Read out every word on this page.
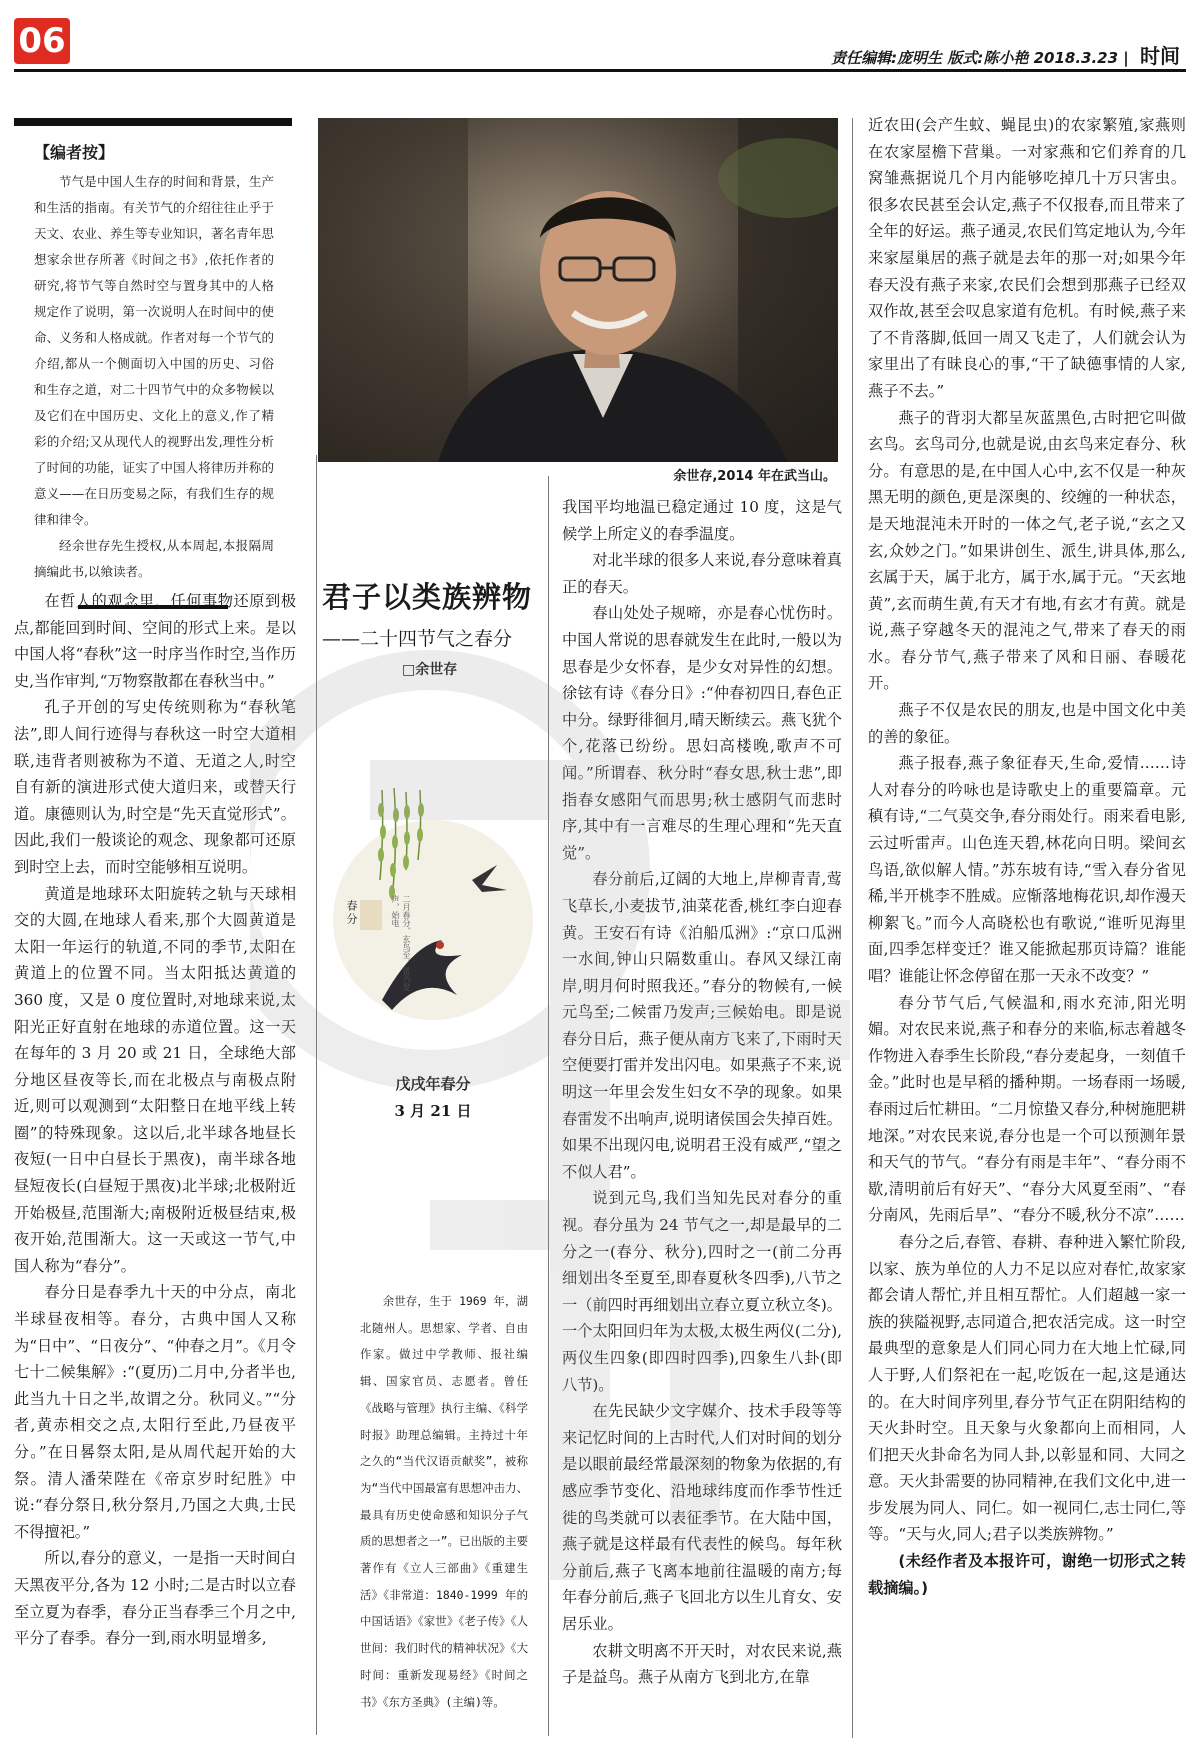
06	责任编辑:庞明生 版式:陈小艳 2018.3.23 | 时间
【编者按】

节气是中国人生存的时间和背景，生产和生活的指南。有关节气的介绍往往止乎于天文、农业、养生等专业知识，著名青年思想家余世存所著《时间之书》,依托作者的研究,将节气等自然时空与置身其中的人格规定作了说明，第一次说明人在时间中的使命、义务和人格成就。作者对每一个节气的介绍,都从一个侧面切入中国的历史、习俗和生存之道，对二十四节气中的众多物候以及它们在中国历史、文化上的意义,作了精彩的介绍;又从现代人的视野出发,理性分析了时间的功能，证实了中国人将律历并称的意义——在日历变易之际，有我们生存的规律和律令。

经余世存先生授权,从本周起,本报隔周摘编此书,以飨读者。

余世存,2014 年在武当山。
君子以类族辨物
——二十四节气之春分
□余世存
春分	二月春分，玄鸟至，雷乃发声，始电
戊戌年春分
3 月 21 日

余世存，生于 1969 年，湖北随州人。思想家、学者、自由作家。做过中学教师、报社编辑、国家官员、志愿者。曾任《战略与管理》执行主编、《科学时报》助理总编辑。主持过十年之久的“当代汉语贡献奖”，被称为“当代中国最富有思想冲击力、最具有历史使命感和知识分子气质的思想者之一”。已出版的主要著作有《立人三部曲》《重建生活》《非常道：1840-1999 年的中国话语》《家世》《老子传》《人世间：我们时代的精神状况》《大时间：重新发现易经》《时间之书》《东方圣典》(主编)等。

在哲人的观念里，任何事物还原到极点,都能回到时间、空间的形式上来。是以中国人将“春秋”这一时序当作时空,当作历史,当作审判,“万物察散都在春秋当中。”

孔子开创的写史传统则称为“春秋笔法”,即人间行迹得与春秋这一时空大道相联,违背者则被称为不道、无道之人,时空自有新的演进形式使大道归来，或替天行道。康德则认为,时空是“先天直觉形式”。因此,我们一般谈论的观念、现象都可还原到时空上去，而时空能够相互说明。

黄道是地球环太阳旋转之轨与天球相交的大圆,在地球人看来,那个大圆黄道是太阳一年运行的轨道,不同的季节,太阳在黄道上的位置不同。当太阳抵达黄道的 360 度，又是 0 度位置时,对地球来说,太阳光正好直射在地球的赤道位置。这一天在每年的 3 月 20 或 21 日，全球绝大部分地区昼夜等长,而在北极点与南极点附近,则可以观测到“太阳整日在地平线上转圈”的特殊现象。这以后,北半球各地昼长夜短(一日中白昼长于黑夜)，南半球各地昼短夜长(白昼短于黑夜)北半球;北极附近开始极昼,范围渐大;南极附近极昼结束,极夜开始,范围渐大。这一天或这一节气,中国人称为“春分”。

春分日是春季九十天的中分点，南北半球昼夜相等。春分，古典中国人又称为“日中”、“日夜分”、“仲春之月”。《月令七十二候集解》:“(夏历)二月中,分者半也,此当九十日之半,故谓之分。秋同义。”“分者,黄赤相交之点,太阳行至此,乃昼夜平分。”在日晷祭太阳,是从周代起开始的大祭。清人潘荣陛在《帝京岁时纪胜》中说:“春分祭日,秋分祭月,乃国之大典,士民不得擅祀。”

所以,春分的意义，一是指一天时间白天黑夜平分,各为 12 小时;二是古时以立春至立夏为春季，春分正当春季三个月之中,平分了春季。春分一到,雨水明显增多,

我国平均地温已稳定通过 10 度，这是气候学上所定义的春季温度。

对北半球的很多人来说,春分意味着真正的春天。

春山处处子规啼，亦是春心忧伤时。中国人常说的思春就发生在此时,一般以为思春是少女怀春，是少女对异性的幻想。徐铉有诗《春分日》:“仲春初四日,春色正中分。绿野徘徊月,晴天断续云。燕飞犹个个,花落已纷纷。思妇高楼晚,歌声不可闻。”所谓春、秋分时“春女思,秋士悲”,即指春女感阳气而思男;秋士感阴气而悲时序,其中有一言难尽的生理心理和“先天直觉”。

春分前后,辽阔的大地上,岸柳青青,莺飞草长,小麦拔节,油菜花香,桃红李白迎春黄。王安石有诗《泊船瓜洲》:“京口瓜洲一水间,钟山只隔数重山。春风又绿江南岸,明月何时照我还。”春分的物候有,一候元鸟至;二候雷乃发声;三候始电。即是说春分日后，燕子便从南方飞来了,下雨时天空便要打雷并发出闪电。如果燕子不来,说明这一年里会发生妇女不孕的现象。如果春雷发不出响声,说明诸侯国会失掉百姓。如果不出现闪电,说明君王没有威严,“望之不似人君”。

说到元鸟,我们当知先民对春分的重视。春分虽为 24 节气之一,却是最早的二分之一(春分、秋分),四时之一(前二分再细划出冬至夏至,即春夏秋冬四季),八节之一（前四时再细划出立春立夏立秋立冬)。一个太阳回归年为太极,太极生两仪(二分),两仪生四象(即四时四季),四象生八卦(即八节)。

在先民缺少文字媒介、技术手段等等来记忆时间的上古时代,人们对时间的划分是以眼前最经常最深刻的物象为依据的,有感应季节变化、沿地球纬度而作季节性迁徙的鸟类就可以表征季节。在大陆中国，燕子就是这样最有代表性的候鸟。每年秋分前后,燕子飞离本地前往温暖的南方;每年春分前后,燕子飞回北方以生儿育女、安居乐业。

农耕文明离不开天时，对农民来说,燕子是益鸟。燕子从南方飞到北方,在靠

近农田(会产生蚊、蝇昆虫)的农家繁殖,家燕则在农家屋檐下营巢。一对家燕和它们养育的几窝雏燕据说几个月内能够吃掉几十万只害虫。很多农民甚至会认定,燕子不仅报春,而且带来了全年的好运。燕子通灵,农民们笃定地认为,今年来家屋巢居的燕子就是去年的那一对;如果今年春天没有燕子来家,农民们会想到那燕子已经双双作故,甚至会叹息家道有危机。有时候,燕子来了不肯落脚,低回一周又飞走了，人们就会认为家里出了有昧良心的事,“干了缺德事情的人家,燕子不去。”

燕子的背羽大都呈灰蓝黑色,古时把它叫做玄鸟。玄鸟司分,也就是说,由玄鸟来定春分、秋分。有意思的是,在中国人心中,玄不仅是一种灰黑无明的颜色,更是深奥的、绞缠的一种状态，是天地混沌未开时的一体之气,老子说,“玄之又玄,众妙之门。”如果讲创生、派生,讲具体,那么,玄属于天，属于北方，属于水,属于元。“天玄地黄”,玄而萌生黄,有天才有地,有玄才有黄。就是说,燕子穿越冬天的混沌之气,带来了春天的雨水。春分节气,燕子带来了风和日丽、春暖花开。

燕子不仅是农民的朋友,也是中国文化中美的善的象征。

燕子报春,燕子象征春天,生命,爱情……诗人对春分的吟咏也是诗歌史上的重要篇章。元稹有诗,“二气莫交争,春分雨处行。雨来看电影,云过听雷声。山色连天碧,林花向日明。梁间玄鸟语,欲似解人情。”苏东坡有诗,“雪入春分省见稀,半开桃李不胜威。应惭落地梅花识,却作漫天柳絮飞。”而今人高晓松也有歌说,“谁听见海里面,四季怎样变迁？谁又能掀起那页诗篇？谁能唱？谁能让怀念停留在那一天永不改变？”

春分节气后,气候温和,雨水充沛,阳光明媚。对农民来说,燕子和春分的来临,标志着越冬作物进入春季生长阶段,“春分麦起身，一刻值千金。”此时也是早稻的播种期。一场春雨一场暖,春雨过后忙耕田。“二月惊蛰又春分,种树施肥耕地深。”对农民来说,春分也是一个可以预测年景和天气的节气。“春分有雨是丰年”、“春分雨不歇,清明前后有好天”、“春分大风夏至雨”、“春分南风，先雨后旱”、“春分不暖,秋分不凉”……

春分之后,春管、春耕、春种进入繁忙阶段,以家、族为单位的人力不足以应对春忙,故家家都会请人帮忙,并且相互帮忙。人们超越一家一族的狭隘视野,志同道合,把农活完成。这一时空最典型的意象是人们同心同力在大地上忙碌,同人于野,人们祭祀在一起,吃饭在一起,这是通达的。在大时间序列里,春分节气正在阴阳结构的天火卦时空。且天象与火象都向上而相同，人们把天火卦命名为同人卦,以彰显和同、大同之意。天火卦需要的协同精神,在我们文化中,进一步发展为同人、同仁。如一视同仁,志士同仁,等等。“天与火,同人;君子以类族辨物。”

(未经作者及本报许可，谢绝一切形式之转载摘编。)
